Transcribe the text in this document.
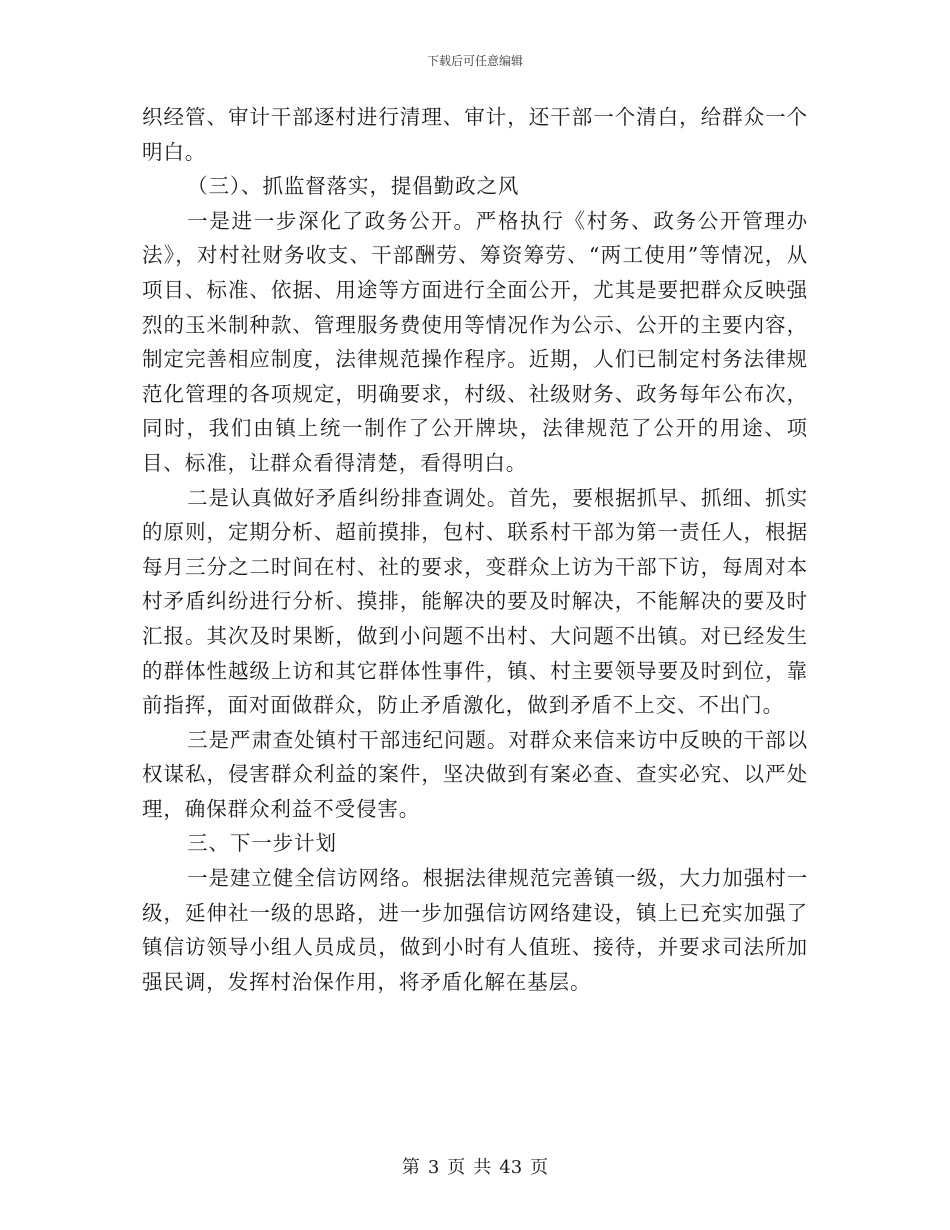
下载后可任意编辑

织经管、审计干部逐村进行清理、审计，还干部一个清白，给群众一个明白。

（三）、抓监督落实，提倡勤政之风

一是进一步深化了政务公开。严格执行《村务、政务公开管理办法》，对村社财务收支、干部酬劳、筹资筹劳、“两工使用”等情况，从项目、标准、依据、用途等方面进行全面公开，尤其是要把群众反映强烈的玉米制种款、管理服务费使用等情况作为公示、公开的主要内容，制定完善相应制度，法律规范操作程序。近期，人们已制定村务法律规范化管理的各项规定，明确要求，村级、社级财务、政务每年公布次，同时，我们由镇上统一制作了公开牌块，法律规范了公开的用途、项目、标准，让群众看得清楚，看得明白。

二是认真做好矛盾纠纷排查调处。首先，要根据抓早、抓细、抓实的原则，定期分析、超前摸排，包村、联系村干部为第一责任人，根据每月三分之二时间在村、社的要求，变群众上访为干部下访，每周对本村矛盾纠纷进行分析、摸排，能解决的要及时解决，不能解决的要及时汇报。其次及时果断，做到小问题不出村、大问题不出镇。对已经发生的群体性越级上访和其它群体性事件，镇、村主要领导要及时到位，靠前指挥，面对面做群众，防止矛盾激化，做到矛盾不上交、不出门。

三是严肃查处镇村干部违纪问题。对群众来信来访中反映的干部以权谋私，侵害群众利益的案件，坚决做到有案必查、查实必究、以严处理，确保群众利益不受侵害。

三、下一步计划

一是建立健全信访网络。根据法律规范完善镇一级，大力加强村一级，延伸社一级的思路，进一步加强信访网络建设，镇上已充实加强了镇信访领导小组人员成员，做到小时有人值班、接待，并要求司法所加强民调，发挥村治保作用，将矛盾化解在基层。

第 3 页 共 43 页
